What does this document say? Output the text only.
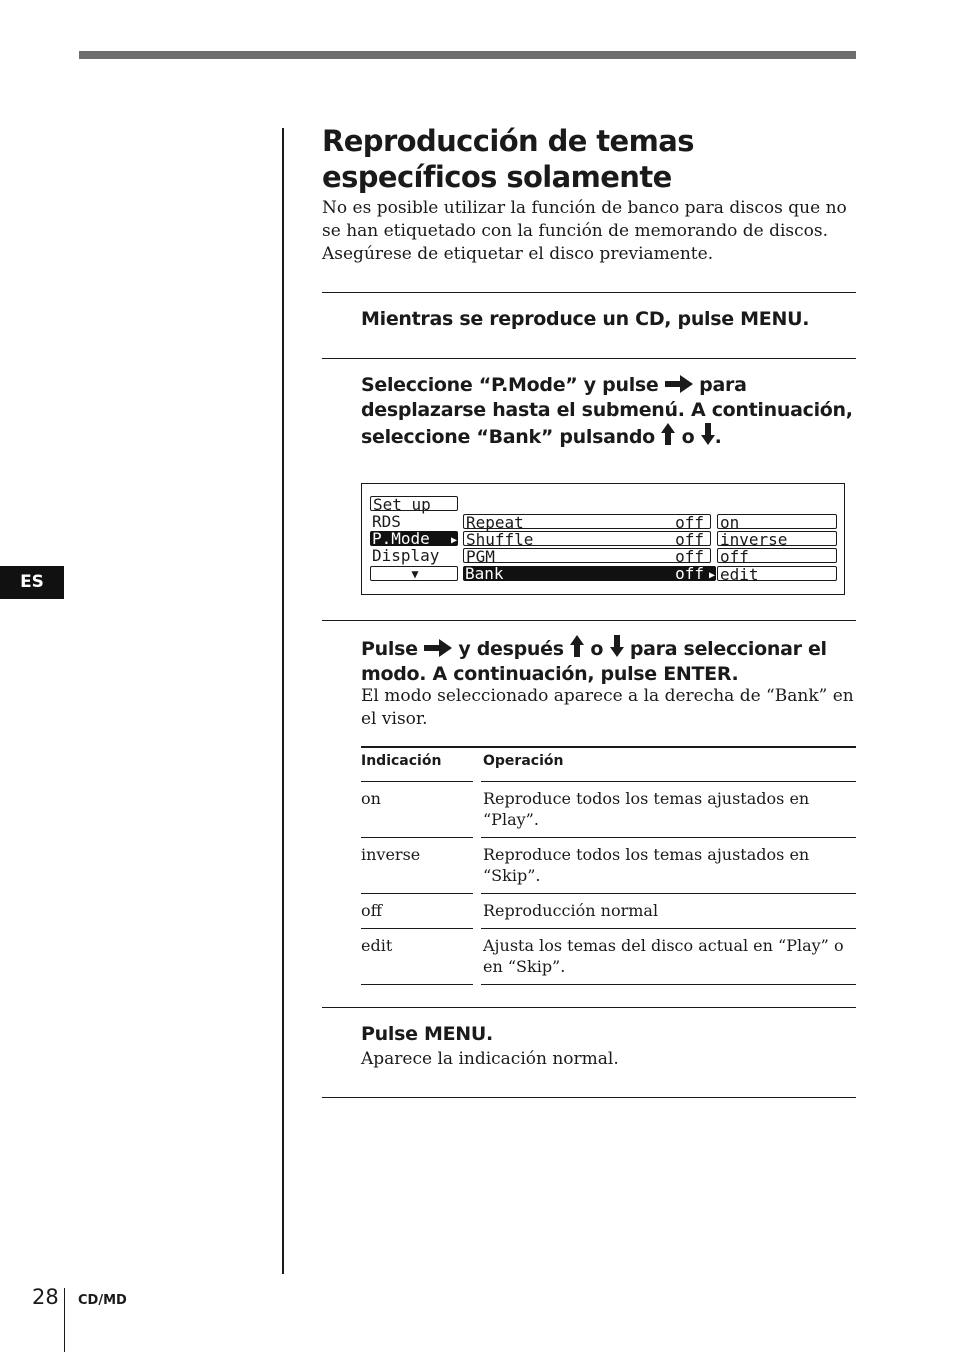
ES
Reproducción de temas específicos solamente
No es posible utilizar la función de banco para discos que no se han etiquetado con la función de memorando de discos. Asegúrese de etiquetar el disco previamente.
Mientras se reproduce un CD, pulse MENU.
Seleccione “P.Mode” y pulse para desplazarse hasta el submenú. A continuación, seleccione “Bank” pulsando o .
Set up
RDS
P.Mode ▶
Display
▼
Repeat	off
Shuffle	off
PGM	off
Bank	off ▶
on
inverse
off
edit
Pulse y después o para seleccionar el modo. A continuación, pulse ENTER.
El modo seleccionado aparece a la derecha de “Bank” en el visor.
Indicación	Operación
on	Reproduce todos los temas ajustados en “Play”.
inverse	Reproduce todos los temas ajustados en “Skip”.
off	Reproducción normal
edit	Ajusta los temas del disco actual en “Play” o en “Skip”.
Pulse MENU.
Aparece la indicación normal.
28 CD/MD
